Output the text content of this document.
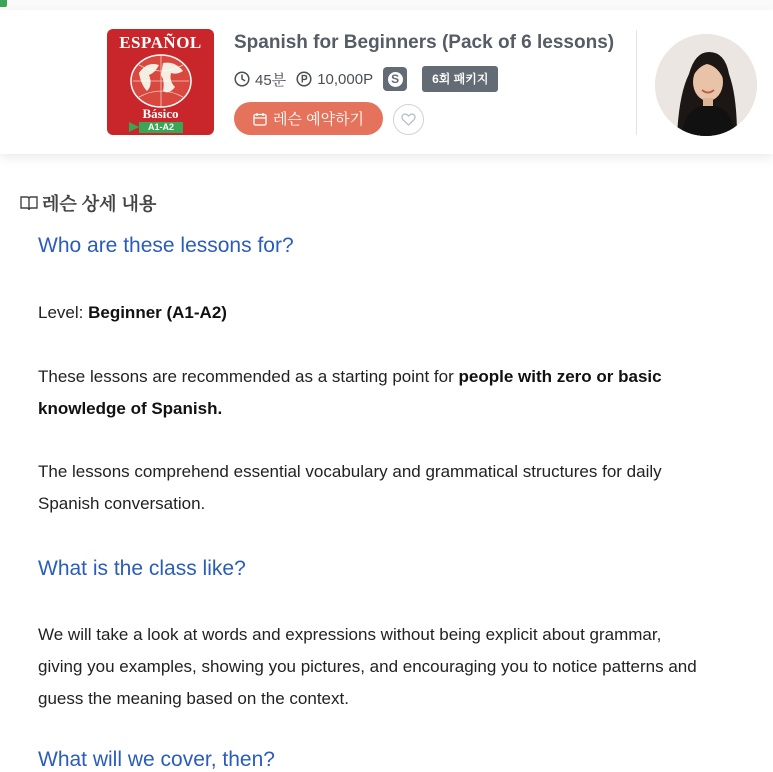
ESPAÑOL
Básico
A1-A2
Spanish for Beginners (Pack of 6 lessons)
45분 10,000P S	6회 패키지
레슨 예약하기
레슨 상세 내용
Who are these lessons for?

Level: Beginner (A1-A2)

These lessons are recommended as a starting point for people with zero or basic knowledge of Spanish.

The lessons comprehend essential vocabulary and grammatical structures for daily Spanish conversation.

What is the class like?

We will take a look at words and expressions without being explicit about grammar, giving you examples, showing you pictures, and encouraging you to notice patterns and guess the meaning based on the context.

What will we cover, then?
